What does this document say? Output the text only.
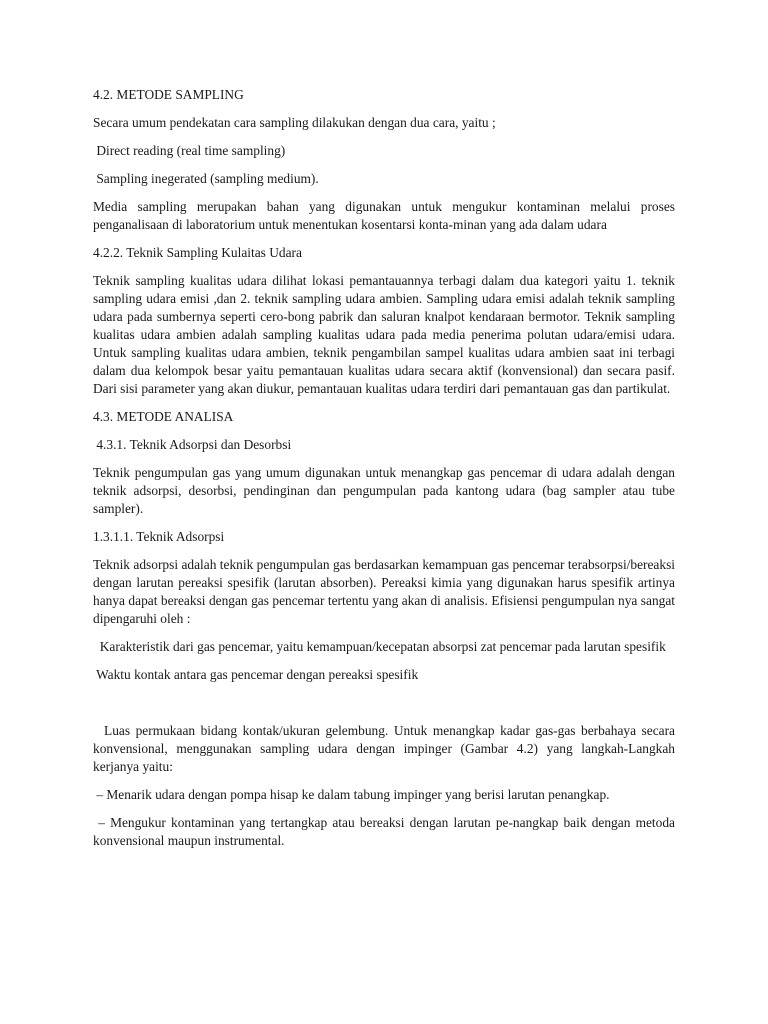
4.2. METODE SAMPLING

Secara umum pendekatan cara sampling dilakukan dengan dua cara, yaitu ;

Direct reading (real time sampling)

Sampling inegerated (sampling medium).

Media sampling merupakan bahan yang digunakan untuk mengukur kontaminan melalui proses penganalisaan di laboratorium untuk menentukan kosentarsi konta-minan yang ada dalam udara

4.2.2. Teknik Sampling Kulaitas Udara

Teknik sampling kualitas udara dilihat lokasi pemantauannya terbagi dalam dua kategori yaitu 1. teknik sampling udara emisi ,dan 2. teknik sampling udara ambien. Sampling udara emisi adalah teknik sampling udara pada sumbernya seperti cero-bong pabrik dan saluran knalpot kendaraan bermotor. Teknik sampling kualitas udara ambien adalah sampling kualitas udara pada media penerima polutan udara/emisi udara. Untuk sampling kualitas udara ambien, teknik pengambilan sampel kualitas udara ambien saat ini terbagi dalam dua kelompok besar yaitu pemantauan kualitas udara secara aktif (konvensional) dan secara pasif. Dari sisi parameter yang akan diukur, pemantauan kualitas udara terdiri dari pemantauan gas dan partikulat.

4.3. METODE ANALISA

4.3.1. Teknik Adsorpsi dan Desorbsi

Teknik pengumpulan gas yang umum digunakan untuk menangkap gas pencemar di udara adalah dengan teknik adsorpsi, desorbsi, pendinginan dan pengumpulan pada kantong udara (bag sampler atau tube sampler).

1.3.1.1. Teknik Adsorpsi

Teknik adsorpsi adalah teknik pengumpulan gas berdasarkan kemampuan gas pencemar terabsorpsi/bereaksi dengan larutan pereaksi spesifik (larutan absorben). Pereaksi kimia yang digunakan harus spesifik artinya hanya dapat bereaksi dengan gas pencemar tertentu yang akan di analisis. Efisiensi pengumpulan nya sangat dipengaruhi oleh :

Karakteristik dari gas pencemar, yaitu kemampuan/kecepatan absorpsi zat pencemar pada larutan spesifik

Waktu kontak antara gas pencemar dengan pereaksi spesifik

Luas permukaan bidang kontak/ukuran gelembung. Untuk menangkap kadar gas-gas berbahaya secara konvensional, menggunakan sampling udara dengan impinger (Gambar 4.2) yang langkah-Langkah kerjanya yaitu:

– Menarik udara dengan pompa hisap ke dalam tabung impinger yang berisi larutan penangkap.

– Mengukur kontaminan yang tertangkap atau bereaksi dengan larutan pe-nangkap baik dengan metoda konvensional maupun instrumental.
